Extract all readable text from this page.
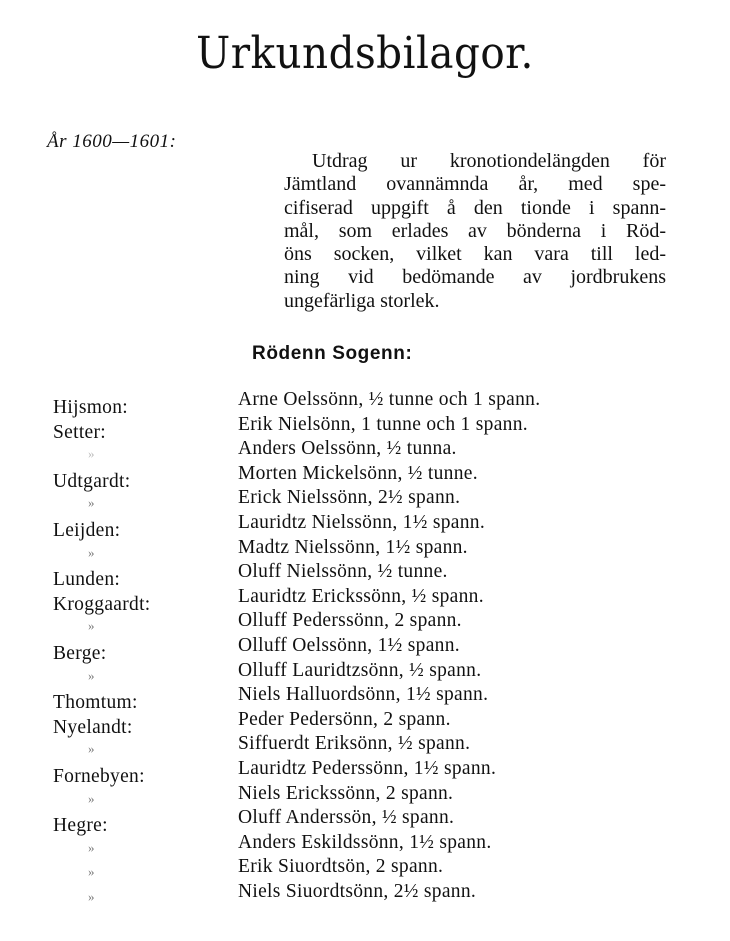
Urkundsbilagor.
År 1600—1601:
Utdrag ur kronotiondelängden för
Jämtland ovannämnda år, med spe-
cifiserad uppgift å den tionde i spann-
mål, som erlades av bönderna i Röd-
öns socken, vilket kan vara till led-
ning vid bedömande av jordbrukens
ungefärliga storlek.
Rödenn Sogenn:
Hijsmon:	Arne Oelssönn, ½ tunne och 1 spann.
Setter:	Erik Nielsönn, 1 tunne och 1 spann.
»	Anders Oelssönn, ½ tunna.
Udtgardt:	Morten Mickelsönn, ½ tunne.
»	Erick Nielssönn, 2½ spann.
Leijden:	Lauridtz Nielssönn, 1½ spann.
»	Madtz Nielssönn, 1½ spann.
Lunden:	Oluff Nielssönn, ½ tunne.
Kroggaardt:	Lauridtz Erickssönn, ½ spann.
»	Olluff Pederssönn, 2 spann.
Berge:	Olluff Oelssönn, 1½ spann.
»	Olluff Lauridtzsönn, ½ spann.
Thomtum:	Niels Halluordsönn, 1½ spann.
Nyelandt:	Peder Pedersönn, 2 spann.
»	Siffuerdt Eriksönn, ½ spann.
Fornebyen:	Lauridtz Pederssönn, 1½ spann.
»	Niels Erickssönn, 2 spann.
Hegre:	Oluff Anderssön, ½ spann.
»	Anders Eskildssönn, 1½ spann.
»	Erik Siuordtsön, 2 spann.
»	Niels Siuordtsönn, 2½ spann.
